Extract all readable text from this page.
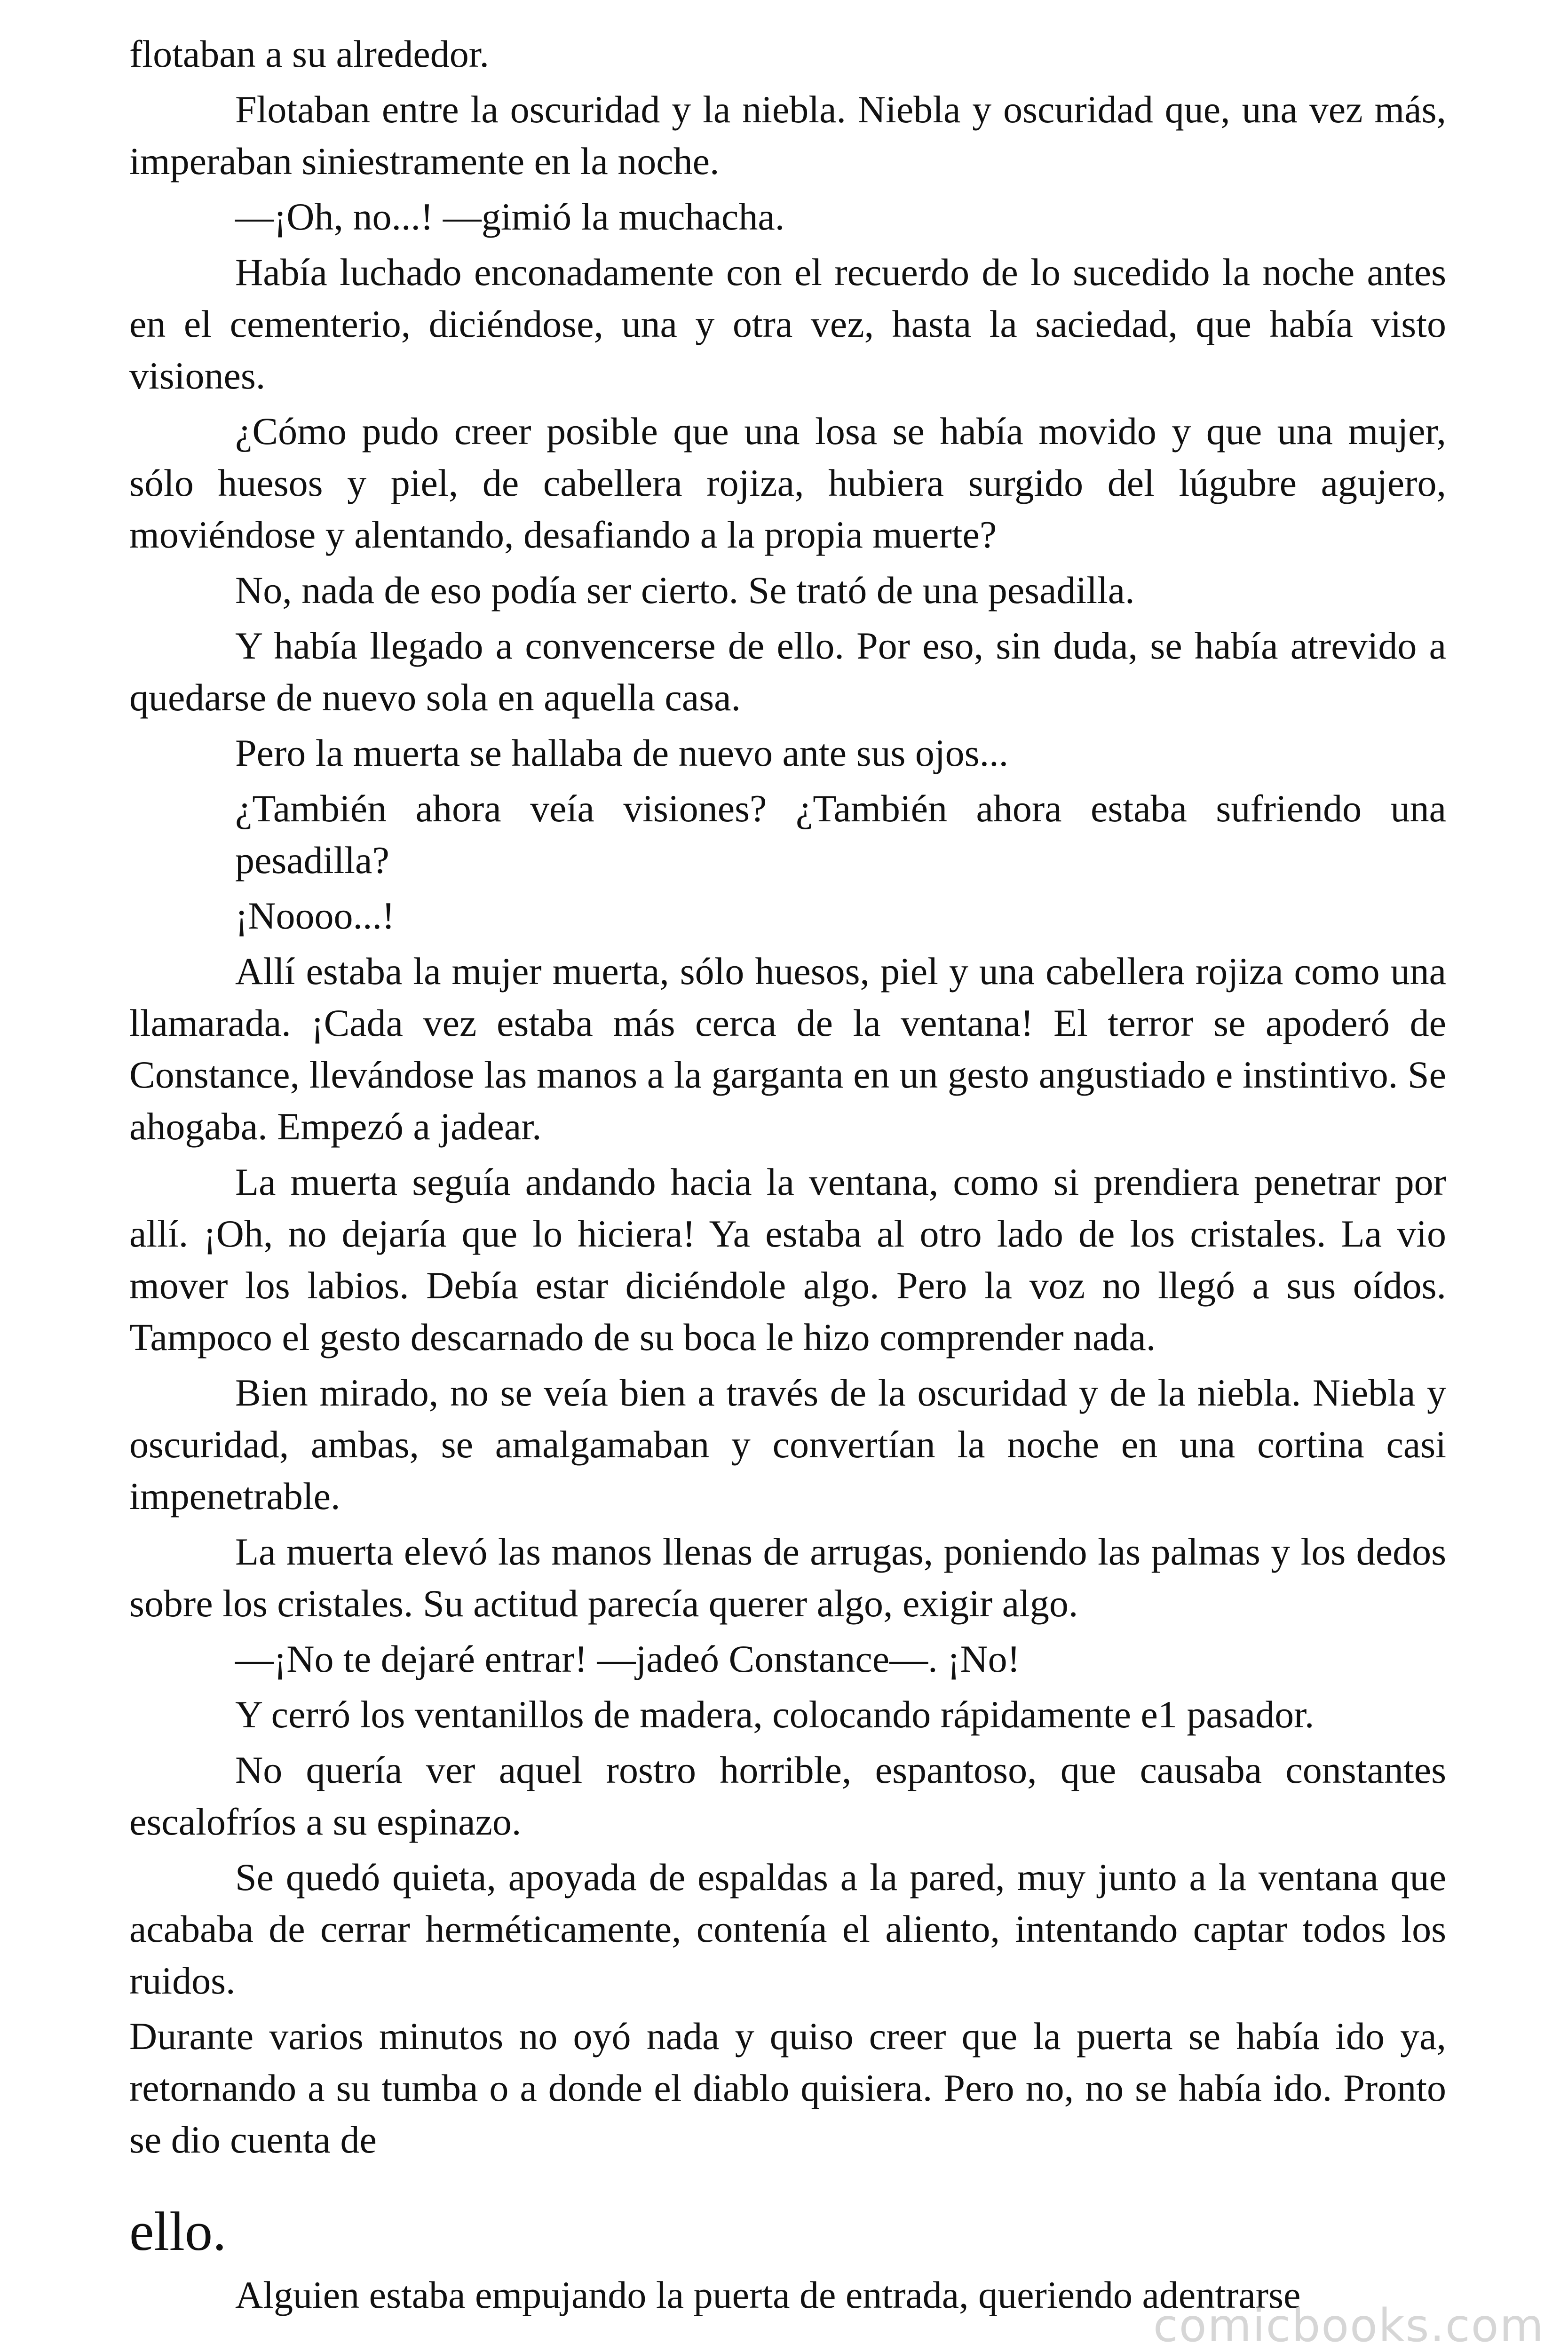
flotaban a su alrededor.

Flotaban entre la oscuridad y la niebla. Niebla y oscuridad que, una vez más, imperaban siniestramente en la noche.

—¡Oh, no...! —gimió la muchacha.

Había luchado enconadamente con el recuerdo de lo sucedido la noche antes en el cementerio, diciéndose, una y otra vez, hasta la saciedad, que había visto visiones.

¿Cómo pudo creer posible que una losa se había movido y que una mujer, sólo huesos y piel, de cabellera rojiza, hubiera surgido del lúgubre agujero, moviéndose y alentando, desafiando a la propia muerte?

No, nada de eso podía ser cierto. Se trató de una pesadilla.

Y había llegado a convencerse de ello. Por eso, sin duda, se había atrevido a quedarse de nuevo sola en aquella casa.

Pero la muerta se hallaba de nuevo ante sus ojos...

¿También ahora veía visiones? ¿También ahora estaba sufriendo una pesadilla?

¡Noooo...!

Allí estaba la mujer muerta, sólo huesos, piel y una cabellera rojiza como una llamarada. ¡Cada vez estaba más cerca de la ventana! El terror se apoderó de Constance, llevándose las manos a la garganta en un gesto angustiado e instintivo. Se ahogaba. Empezó a jadear.

La muerta seguía andando hacia la ventana, como si prendiera penetrar por allí. ¡Oh, no dejaría que lo hiciera! Ya estaba al otro lado de los cristales. La vio mover los labios. Debía estar diciéndole algo. Pero la voz no llegó a sus oídos. Tampoco el gesto descarnado de su boca le hizo comprender nada.

Bien mirado, no se veía bien a través de la oscuridad y de la niebla. Niebla y oscuridad, ambas, se amalgamaban y convertían la noche en una cortina casi impenetrable.

La muerta elevó las manos llenas de arrugas, poniendo las palmas y los dedos sobre los cristales. Su actitud parecía querer algo, exigir algo.

—¡No te dejaré entrar! —jadeó Constance—. ¡No!

Y cerró los ventanillos de madera, colocando rápidamente e1 pasador.

No quería ver aquel rostro horrible, espantoso, que causaba constantes escalofríos a su espinazo.

Se quedó quieta, apoyada de espaldas a la pared, muy junto a la ventana que acababa de cerrar herméticamente, contenía el aliento, intentando captar todos los ruidos.

Durante varios minutos no oyó nada y quiso creer que la puerta se había ido ya, retornando a su tumba o a donde el diablo quisiera. Pero no, no se había ido. Pronto se dio cuenta de

ello.

Alguien estaba empujando la puerta de entrada, queriendo adentrarse

comicbooks.com
